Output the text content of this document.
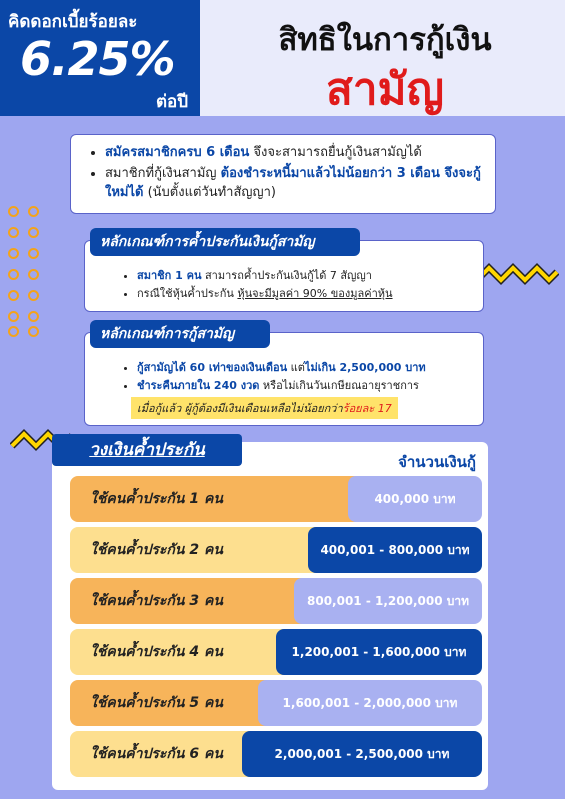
คิดดอกเบี้ยร้อยละ
6.25%
ต่อปี
สิทธิในการกู้เงิน
สามัญ
• สมัครสมาชิกครบ 6 เดือน จึงจะสามารถยื่นกู้เงินสามัญได้
• สมาชิกที่กู้เงินสามัญ ต้องชำระหนี้มาแล้วไม่น้อยกว่า 3 เดือน จึงจะกู้ใหม่ได้ (นับตั้งแต่วันทำสัญญา)
• สมาชิก 1 คน สามารถค้ำประกันเงินกู้ได้ 7 สัญญา
• กรณีใช้หุ้นค้ำประกัน หุ้นจะมีมูลค่า 90% ของมูลค่าหุ้น
หลักเกณฑ์การค้ำประกันเงินกู้สามัญ
• กู้สามัญได้ 60 เท่าของเงินเดือน แต่ไม่เกิน 2,500,000 บาท
• ชำระคืนภายใน 240 งวด หรือไม่เกินวันเกษียณอายุราชการ
เมื่อกู้แล้ว ผู้กู้ต้องมีเงินเดือนเหลือไม่น้อยกว่าร้อยละ 17
หลักเกณฑ์การกู้สามัญ
วงเงินค้ำประกัน
จำนวนเงินกู้
ใช้คนค้ำประกัน 1 คน	400,000 บาท
ใช้คนค้ำประกัน 2 คน	400,001 - 800,000 บาท
ใช้คนค้ำประกัน 3 คน	800,001 - 1,200,000 บาท
ใช้คนค้ำประกัน 4 คน	1,200,001 - 1,600,000 บาท
ใช้คนค้ำประกัน 5 คน	1,600,001 - 2,000,000 บาท
ใช้คนค้ำประกัน 6 คน	2,000,001 - 2,500,000 บาท
